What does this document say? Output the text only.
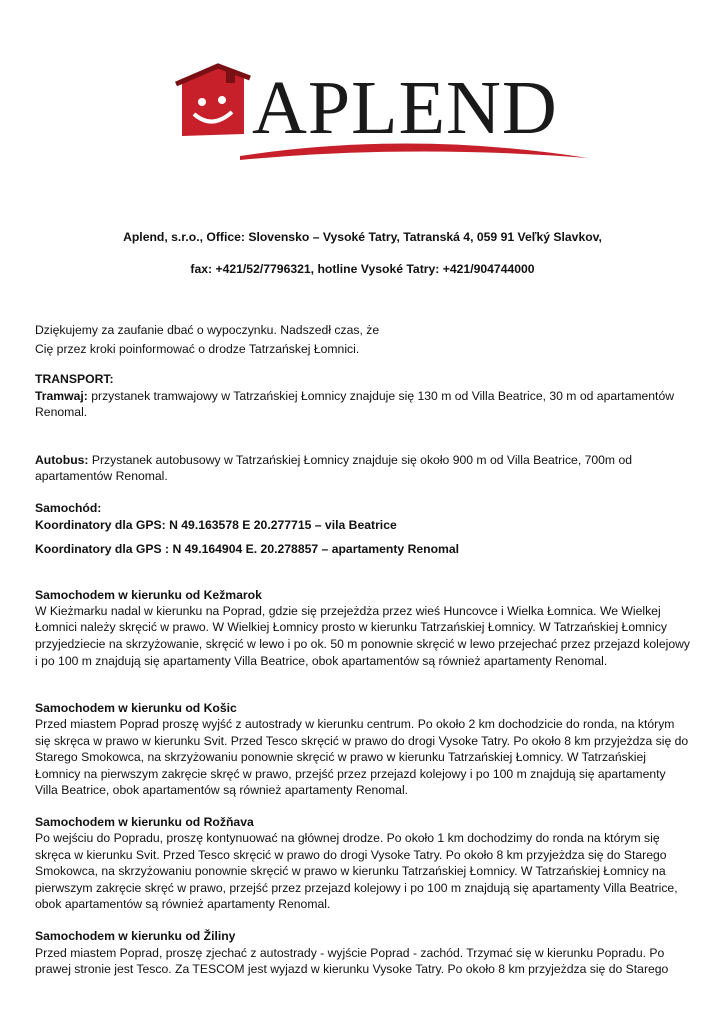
APLEND
Aplend, s.r.o., Office: Slovensko – Vysoké Tatry, Tatranská 4, 059 91 Veľký Slavkov,
fax: +421/52/7796321, hotline Vysoké Tatry: +421/904744000
Dziękujemy za zaufanie dbać o wypoczynku. Nadszedł czas, że
Cię przez kroki poinformować o drodze Tatrzańskej Łomnici.
TRANSPORT:
Tramwaj: przystanek tramwajowy w Tatrzańskiej Łomnicy znajduje się 130 m od Villa Beatrice, 30 m od apartamentów
Renomal.
Autobus: Przystanek autobusowy w Tatrzańskiej Łomnicy znajduje się około 900 m od Villa Beatrice, 700m od
apartamentów Renomal.
Samochód:
Koordinatory dla GPS: N 49.163578 E 20.277715 – vila Beatrice
Koordinatory dla GPS : N 49.164904 E. 20.278857 – apartamenty Renomal
Samochodem w kierunku od Kežmarok
W Kieżmarku nadal w kierunku na Poprad, gdzie się przejeżdża przez wieś Huncovce i Wielka Łomnica. We Wielkej
Łomnici należy skręcić w prawo. W Wielkiej Łomnicy prosto w kierunku Tatrzańskiej Łomnicy. W Tatrzańskiej Łomnicy
przyjedziecie na skrzyżowanie, skręcić w lewo i po ok. 50 m ponownie skręcić w lewo przejechać przez przejazd kolejowy
i po 100 m znajdują się apartamenty Villa Beatrice, obok apartamentów są również apartamenty Renomal.
Samochodem w kierunku od Košic
Przed miastem Poprad proszę wyjść z autostrady w kierunku centrum. Po około 2 km dochodzicie do ronda, na którym
się skręca w prawo w kierunku Svit. Przed Tesco skręcić w prawo do drogi Vysoke Tatry. Po około 8 km przyjeżdza się do
Starego Smokowca, na skrzyżowaniu ponownie skręcić w prawo w kierunku Tatrzańskiej Łomnicy. W Tatrzańskiej
Łomnicy na pierwszym zakręcie skręć w prawo, przejść przez przejazd kolejowy i po 100 m znajdują się apartamenty
Villa Beatrice, obok apartamentów są również apartamenty Renomal.
Samochodem w kierunku od Rožňava
Po wejściu do Popradu, proszę kontynuować na głównej drodze. Po około 1 km dochodzimy do ronda na którym się
skręca w kierunku Svit. Przed Tesco skręcić w prawo do drogi Vysoke Tatry. Po około 8 km przyjeżdza się do Starego
Smokowca, na skrzyżowaniu ponownie skręcić w prawo w kierunku Tatrzańskiej Łomnicy. W Tatrzańskiej Łomnicy na
pierwszym zakręcie skręć w prawo, przejść przez przejazd kolejowy i po 100 m znajdują się apartamenty Villa Beatrice,
obok apartamentów są również apartamenty Renomal.
Samochodem w kierunku od Žiliny
Przed miastem Poprad, proszę zjechać z autostrady - wyjście Poprad - zachód. Trzymać się w kierunku Popradu. Po
prawej stronie jest Tesco. Za TESCOM jest wyjazd w kierunku Vysoke Tatry. Po około 8 km przyjeżdza się do Starego
